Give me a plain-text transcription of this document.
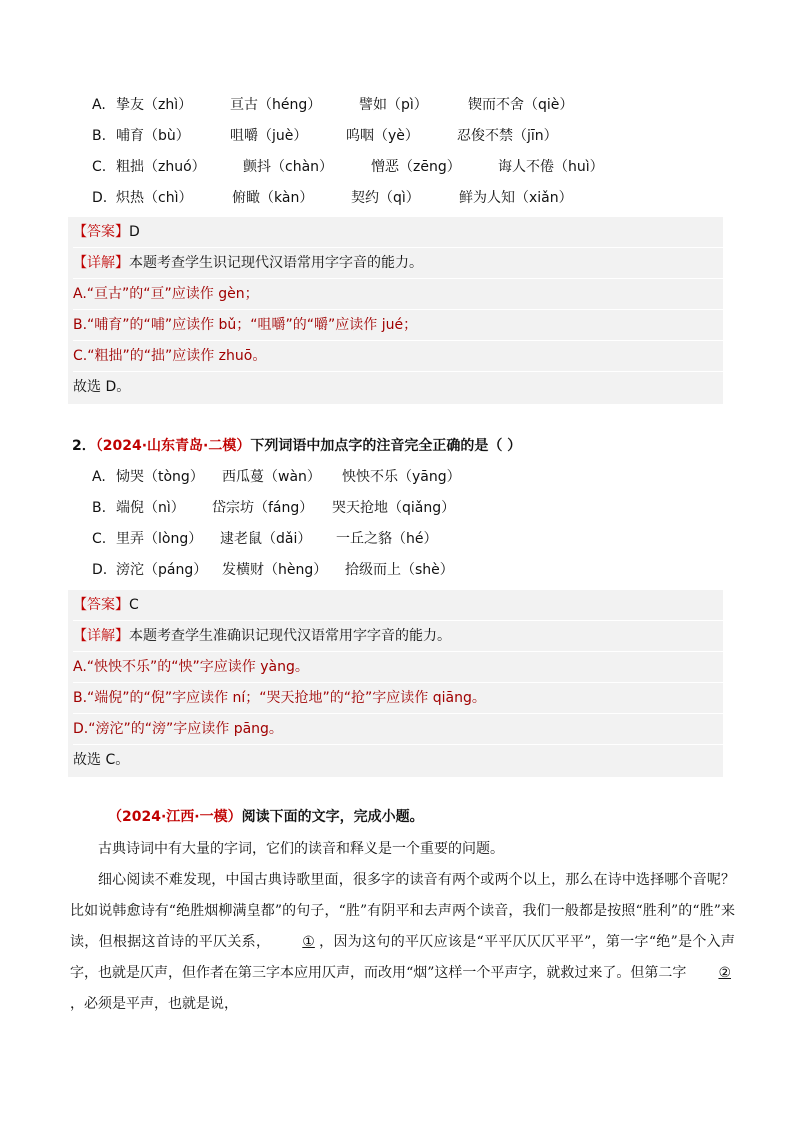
A. 挚友（zhì）	亘古（héng）	譬如（pì）	锲而不舍（qiè）
B. 哺育（bù）	咀嚼（juè）	呜咽（yè）	忍俊不禁（jīn）
C. 粗拙（zhuó）	颤抖（chàn）	憎恶（zēng）	诲人不倦（huì）
D. 炽热（chì）	俯瞰（kàn）	契约（qì）	鲜为人知（xiǎn）
【答案】D
【详解】本题考查学生识记现代汉语常用字字音的能力。
A.“亘古”的“亘”应读作 gèn；
B.“哺育”的“哺”应读作 bǔ；“咀嚼”的“嚼”应读作 jué；
C.“粗拙”的“拙”应读作 zhuō。
故选 D。
2．（2024·山东青岛·二模）下列词语中加点字的注音完全正确的是（ ）
A. 恸哭（tòng） 西瓜蔓（wàn） 怏怏不乐（yāng）
B. 端倪（nì） 岱宗坊（fáng） 哭天抢地（qiǎng）
C. 里弄（lòng） 逮老鼠（dǎi） 一丘之貉（hé）
D. 滂沱（páng） 发横财（hèng） 拾级而上（shè）
【答案】C
【详解】本题考查学生准确识记现代汉语常用字字音的能力。
A.“怏怏不乐”的“怏”字应读作 yàng。
B.“端倪”的“倪”字应读作 ní；“哭天抢地”的“抢”字应读作 qiāng。
D.“滂沱”的“滂”字应读作 pāng。
故选 C。
（2024·江西·一模）阅读下面的文字，完成小题。

古典诗词中有大量的字词，它们的读音和释义是一个重要的问题。

细心阅读不难发现，中国古典诗歌里面，很多字的读音有两个或两个以上，那么在诗中选择哪个音呢？比如说韩愈诗有“绝胜烟柳满皇都”的句子，“胜”有阴平和去声两个读音，我们一般都是按照“胜利”的“胜”来读，但根据这首诗的平仄关系， ① ，因为这句的平仄应该是“平平仄仄仄平平”，第一字“绝”是个入声字，也就是仄声，但作者在第三字本应用仄声，而改用“烟”这样一个平声字，就救过来了。但第二字 ②，必须是平声，也就是说，
